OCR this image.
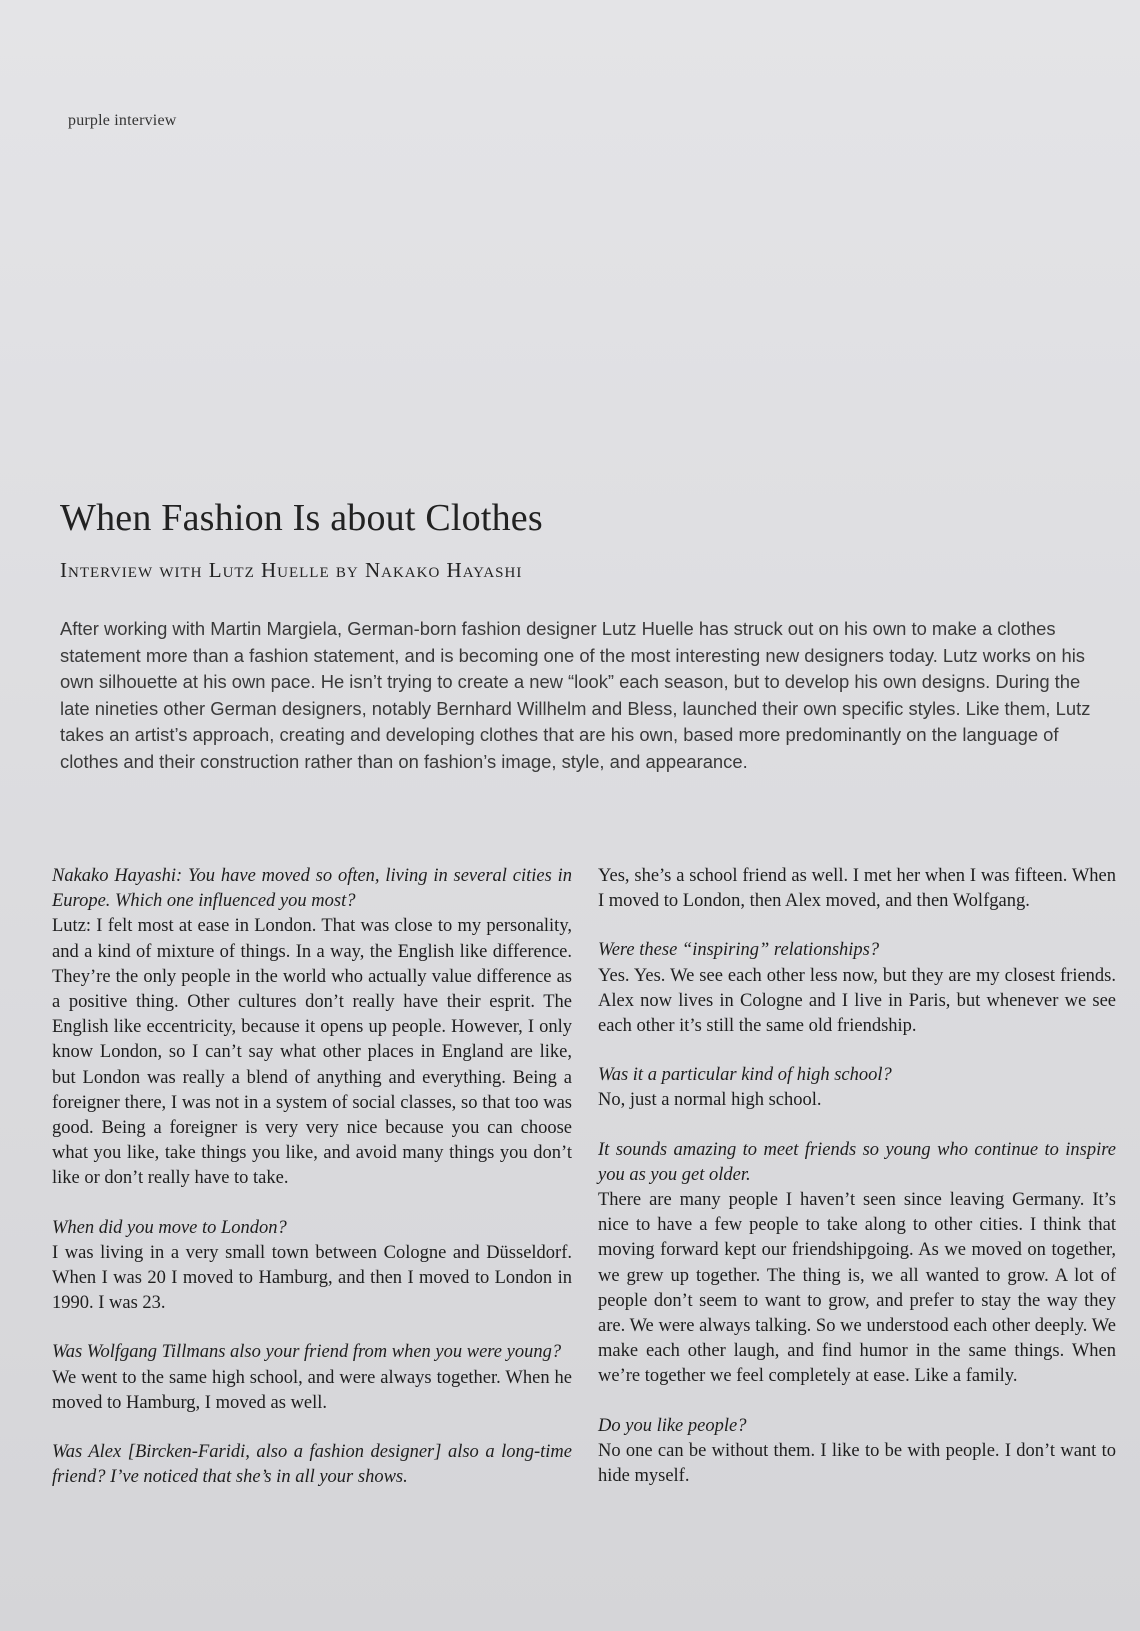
purple interview
When Fashion Is about Clothes
Interview with Lutz Huelle by Nakako Hayashi

After working with Martin Margiela, German-born fashion designer Lutz Huelle has struck out on his own to make a clothes statement more than a fashion statement, and is becoming one of the most interesting new designers today. Lutz works on his own silhouette at his own pace. He isn’t trying to create a new “look” each season, but to develop his own designs. During the late nineties other German designers, notably Bernhard Willhelm and Bless, launched their own specific styles. Like them, Lutz takes an artist’s approach, creating and developing clothes that are his own, based more predominantly on the language of clothes and their construction rather than on fashion’s image, style, and appearance.

Nakako Hayashi: You have moved so often, living in several cities in Europe. Which one influenced you most?
Lutz: I felt most at ease in London. That was close to my personality, and a kind of mixture of things. In a way, the English like difference. They’re the only people in the world who actually value difference as a positive thing. Other cultures don’t really have their esprit. The English like eccentricity, because it opens up people. However, I only know London, so I can’t say what other places in England are like, but London was really a blend of anything and everything. Being a foreigner there, I was not in a system of social classes, so that too was good. Being a foreigner is very very nice because you can choose what you like, take things you like, and avoid many things you don’t like or don’t really have to take.
When did you move to London?
I was living in a very small town between Cologne and Düsseldorf. When I was 20 I moved to Hamburg, and then I moved to London in 1990. I was 23.
Was Wolfgang Tillmans also your friend from when you were young?
We went to the same high school, and were always together. When he moved to Hamburg, I moved as well.
Was Alex [Bircken-Faridi, also a fashion designer] also a long-time friend? I’ve noticed that she’s in all your shows.
Yes, she’s a school friend as well. I met her when I was fifteen. When I moved to London, then Alex moved, and then Wolfgang.
Were these “inspiring” relationships?
Yes. Yes. We see each other less now, but they are my closest friends. Alex now lives in Cologne and I live in Paris, but whenever we see each other it’s still the same old friendship.
Was it a particular kind of high school?
No, just a normal high school.
It sounds amazing to meet friends so young who continue to inspire you as you get older.
There are many people I haven’t seen since leaving Germany. It’s nice to have a few people to take along to other cities. I think that moving forward kept our friendshipgoing. As we moved on together, we grew up together. The thing is, we all wanted to grow. A lot of people don’t seem to want to grow, and prefer to stay the way they are. We were always talking. So we understood each other deeply. We make each other laugh, and find humor in the same things. When we’re together we feel completely at ease. Like a family.
Do you like people?
No one can be without them. I like to be with people. I don’t want to hide myself.
